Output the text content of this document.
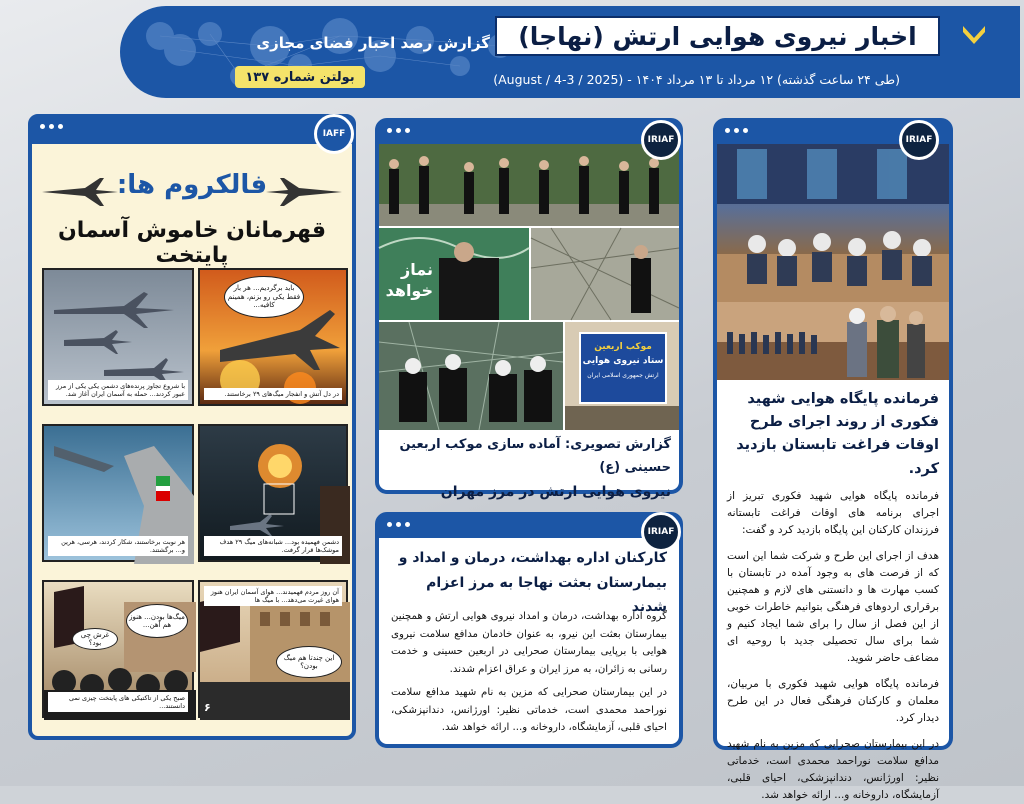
اخبار نیروی هوایی ارتش (نهاجا)
گزارش رصد اخبار فضای مجازی
(طی ۲۴ ساعت گذشته) ۱۲ مرداد تا ۱۳ مرداد ۱۴۰۴ - (2025 / August / 4-3)
بولتن شماره ۱۳۷
IRIAF
فرمانده پایگاه هوایی شهید فکوری از روند اجرای طرح اوقات فراغت تابستان بازدید کرد.

فرمانده پایگاه هوایی شهید فکوری تبریز از اجرای برنامه های اوقات فراغت تابستانه فرزندان کارکنان این پایگاه بازدید کرد و گفت:

هدف از اجرای این طرح و شرکت شما این است که از فرصت های به وجود آمده در تابستان با کسب مهارت ها و دانستنی های لازم و همچنین برقراری اردوهای فرهنگی بتوانیم خاطرات خوبی از این فصل از سال را برای شما ایجاد کنیم و شما برای سال تحصیلی جدید با روحیه ای مضاعف حاضر شوید.

فرمانده پایگاه هوایی شهید فکوری با مربیان، معلمان و کارکنان فرهنگی فعال در این طرح دیدار کرد.

در این بیمارستان صحرایی که مزین به نام شهید مدافع سلامت نوراحمد محمدی است، خدماتی نظیر: اورژانس، دندانپزشکی، احیای قلبی، آزمایشگاه، داروخانه و... ارائه خواهد شد.

نماز خواهد
موکب اربعین
ستاد نیروی هوایی
ارتش جمهوری اسلامی ایران
IRIAF
گزارش تصویری: آماده سازی موکب اربعین حسینی (ع)
نیروی هوایی ارتش در مرز مهران
IRIAF
کارکنان اداره بهداشت، درمان و امداد و بیمارستان بعثت نهاجا به مرز اعزام شدند

گروه اداره بهداشت، درمان و امداد نیروی هوایی ارتش و همچنین بیمارستان بعثت این نیرو، به عنوان خادمان مدافع سلامت نیروی هوایی با برپایی بیمارستان صحرایی در اربعین حسینی و خدمت رسانی به زائران، به مرز ایران و عراق اعزام شدند.

در این بیمارستان صحرایی که مزین به نام شهید مدافع سلامت نوراحمد محمدی است، خدماتی نظیر: اورژانس، دندانپزشکی، احیای قلبی، آزمایشگاه، داروخانه و... ارائه خواهد شد.

IAFF
فالکروم ها:
قهرمانان خاموش آسمان پایتخت
باید برگردیم... هر بار فقط یکی رو بزنم، همینم کافیه...
در دل آتش و انفجار میگ‌های ۲۹ برخاستند.
۲
با شروع تجاوز پرنده‌های دشمن یکی یکی از مرز عبور کردند... حمله به آسمان ایران آغاز شد.
۱
دشمن فهمیده بود... شبانه‌های میگ ۲۹ هدف موشک‌ها قرار گرفت.
۴
هر نوبت برخاستند، شکار کردند، هرسی، هرین و... برگشتند.
۳
این چندتا هم میگ بودن؟
آن روز مردم فهمیدند... هوای آسمان ایران هنوز هوای غیرت می‌دهد... با میگ ها
۶
میگ‌ها بودن... هنوز هم آهن...
غرش چی بود؟
صبح یکی از تاکتیکی های پایتخت چیزی نمی دانستند...
۵
